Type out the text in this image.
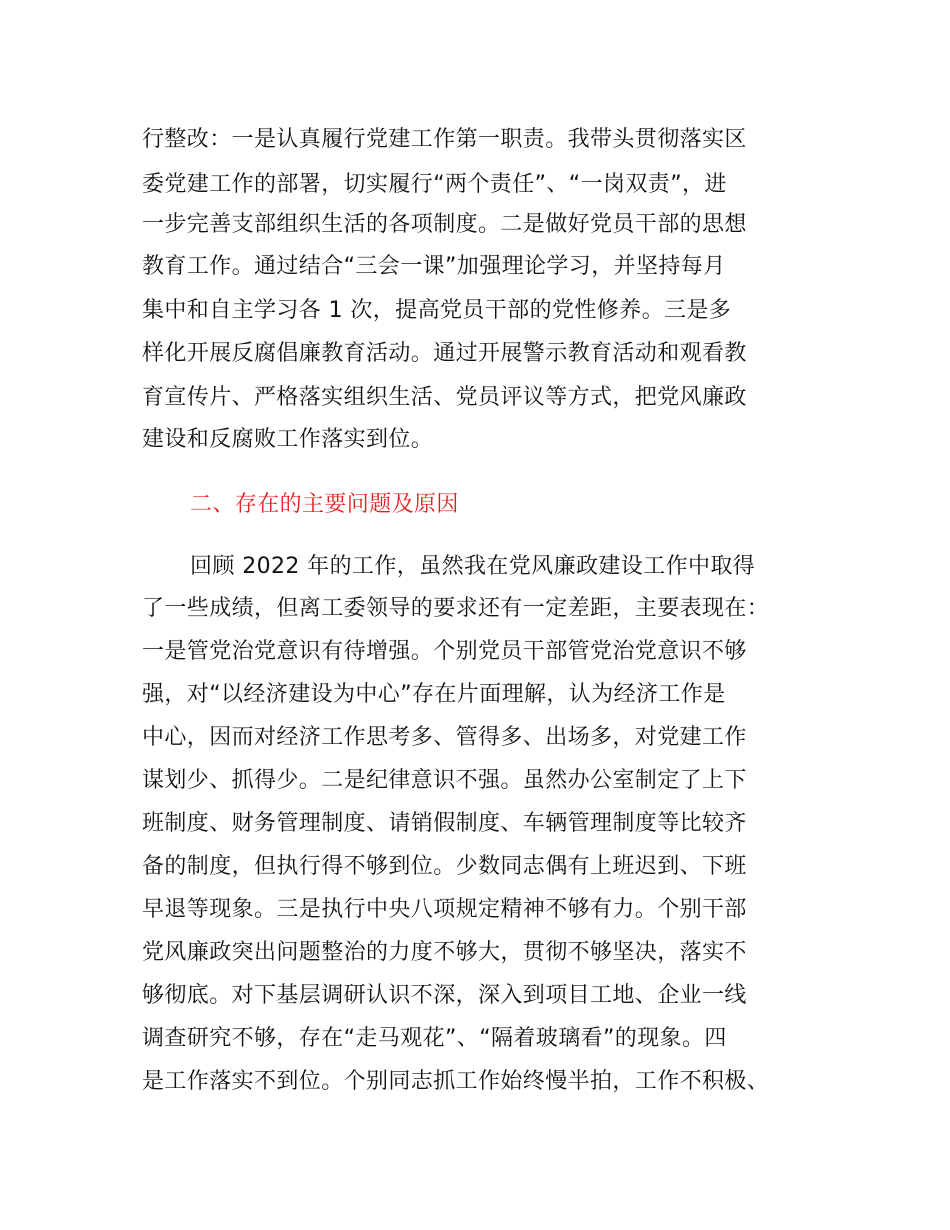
行整改：一是认真履行党建工作第一职责。我带头贯彻落实区
委党建工作的部署，切实履行“两个责任”、“一岗双责”，进
一步完善支部组织生活的各项制度。二是做好党员干部的思想
教育工作。通过结合“三会一课”加强理论学习，并坚持每月
集中和自主学习各 1 次，提高党员干部的党性修养。三是多
样化开展反腐倡廉教育活动。通过开展警示教育活动和观看教
育宣传片、严格落实组织生活、党员评议等方式，把党风廉政
建设和反腐败工作落实到位。
二、存在的主要问题及原因
回顾 2022 年的工作，虽然我在党风廉政建设工作中取得
了一些成绩，但离工委领导的要求还有一定差距，主要表现在：
一是管党治党意识有待增强。个别党员干部管党治党意识不够
强，对“以经济建设为中心”存在片面理解，认为经济工作是
中心，因而对经济工作思考多、管得多、出场多，对党建工作
谋划少、抓得少。二是纪律意识不强。虽然办公室制定了上下
班制度、财务管理制度、请销假制度、车辆管理制度等比较齐
备的制度，但执行得不够到位。少数同志偶有上班迟到、下班
早退等现象。三是执行中央八项规定精神不够有力。个别干部
党风廉政突出问题整治的力度不够大，贯彻不够坚决，落实不
够彻底。对下基层调研认识不深，深入到项目工地、企业一线
调查研究不够，存在“走马观花”、“隔着玻璃看”的现象。四
是工作落实不到位。个别同志抓工作始终慢半拍，工作不积极、
